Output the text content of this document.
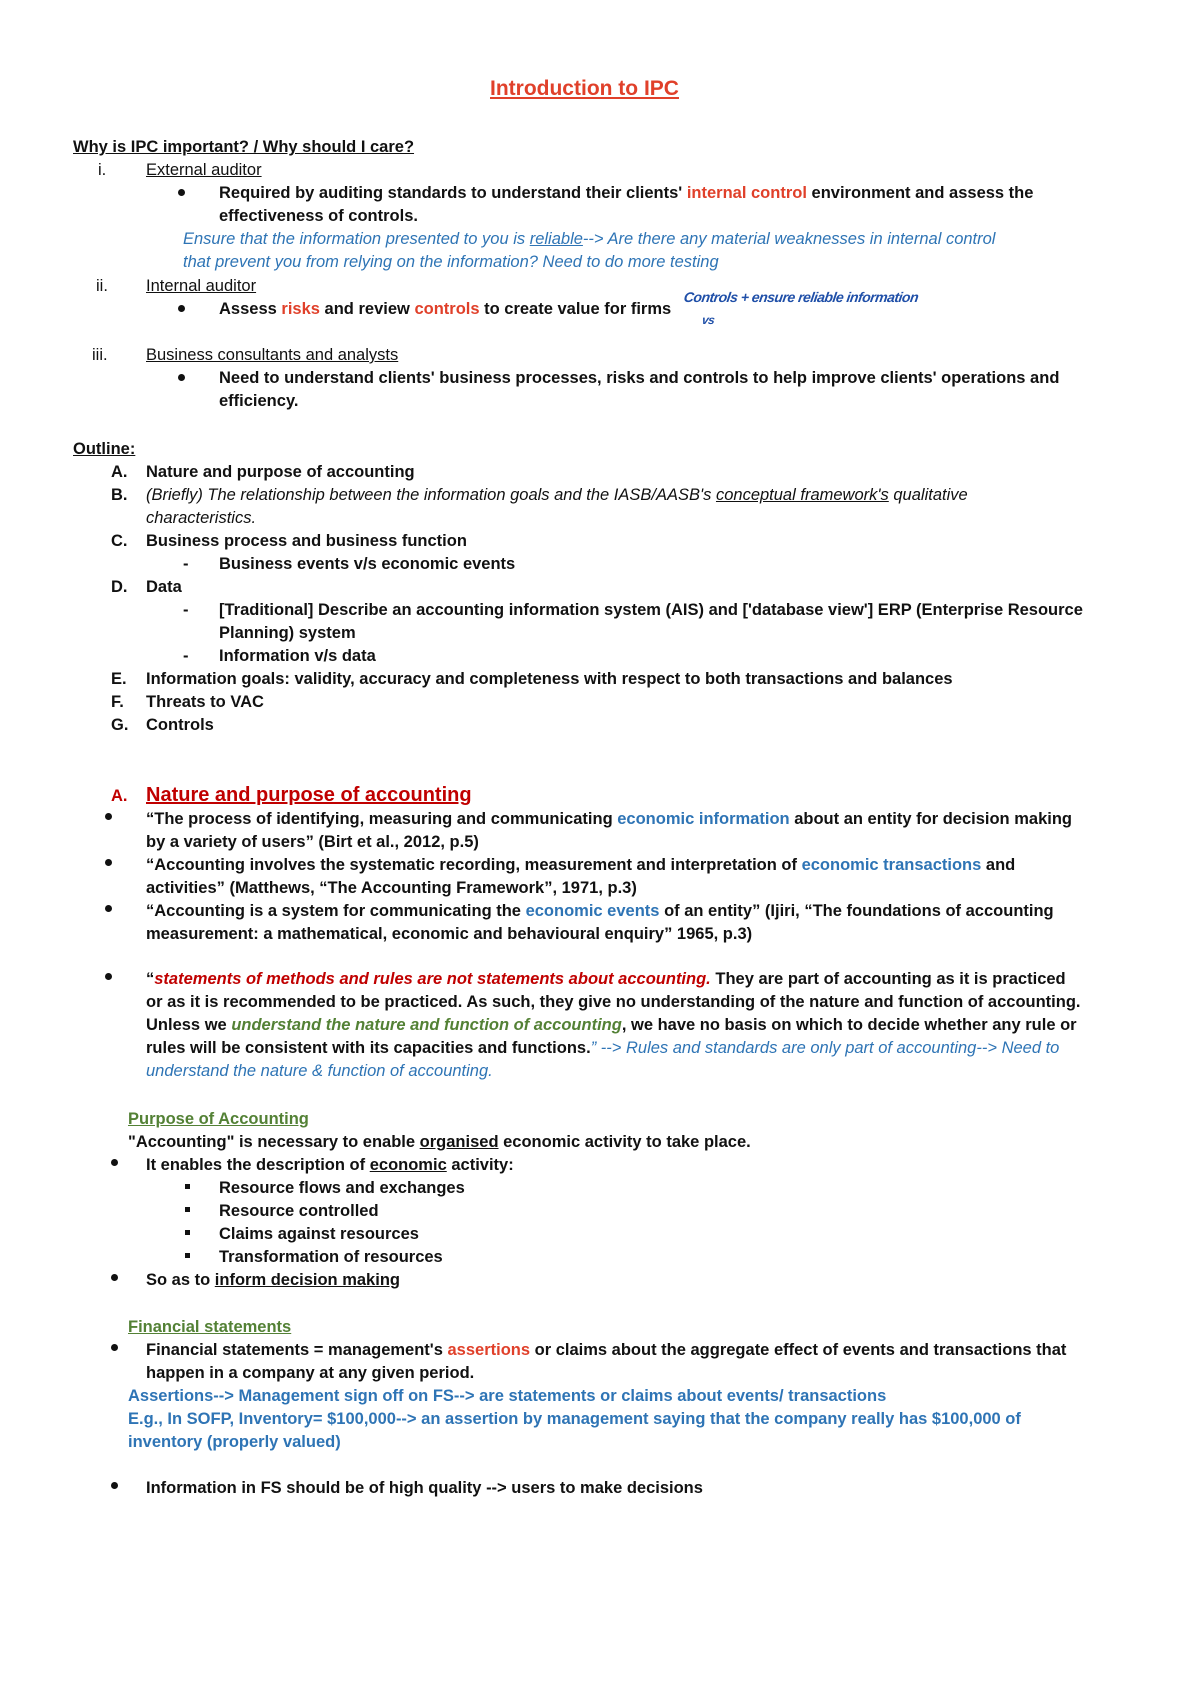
Introduction to IPC
Why is IPC important? / Why should I care?
i. External auditor
Required by auditing standards to understand their clients' internal control environment and assess the
effectiveness of controls.
Ensure that the information presented to you is reliable--> Are there any material weaknesses in internal control
that prevent you from relying on the information? Need to do more testing
ii. Internal auditor
Assess risks and review controls to create value for firms
Controls + ensure reliable information
vs
iii. Business consultants and analysts
Need to understand clients' business processes, risks and controls to help improve clients' operations and
efficiency.
Outline:
A. Nature and purpose of accounting
B. (Briefly) The relationship between the information goals and the IASB/AASB's conceptual framework's qualitative
characteristics.
C. Business process and business function
- Business events v/s economic events
D. Data
- [Traditional] Describe an accounting information system (AIS) and ['database view'] ERP (Enterprise Resource
Planning) system
- Information v/s data
E. Information goals: validity, accuracy and completeness with respect to both transactions and balances
F. Threats to VAC
G. Controls
A. Nature and purpose of accounting
“The process of identifying, measuring and communicating economic information about an entity for decision making
by a variety of users” (Birt et al., 2012, p.5)
“Accounting involves the systematic recording, measurement and interpretation of economic transactions and
activities” (Matthews, “The Accounting Framework”, 1971, p.3)
“Accounting is a system for communicating the economic events of an entity” (Ijiri, “The foundations of accounting
measurement: a mathematical, economic and behavioural enquiry” 1965, p.3)
“statements of methods and rules are not statements about accounting. They are part of accounting as it is practiced
or as it is recommended to be practiced. As such, they give no understanding of the nature and function of accounting.
Unless we understand the nature and function of accounting, we have no basis on which to decide whether any rule or
rules will be consistent with its capacities and functions.” --> Rules and standards are only part of accounting--> Need to
understand the nature & function of accounting.
Purpose of Accounting
"Accounting" is necessary to enable organised economic activity to take place.
It enables the description of economic activity:
Resource flows and exchanges
Resource controlled
Claims against resources
Transformation of resources
So as to inform decision making
Financial statements
Financial statements = management's assertions or claims about the aggregate effect of events and transactions that
happen in a company at any given period.
Assertions--> Management sign off on FS--> are statements or claims about events/ transactions
E.g., In SOFP, Inventory= $100,000--> an assertion by management saying that the company really has $100,000 of
inventory (properly valued)
Information in FS should be of high quality --> users to make decisions
